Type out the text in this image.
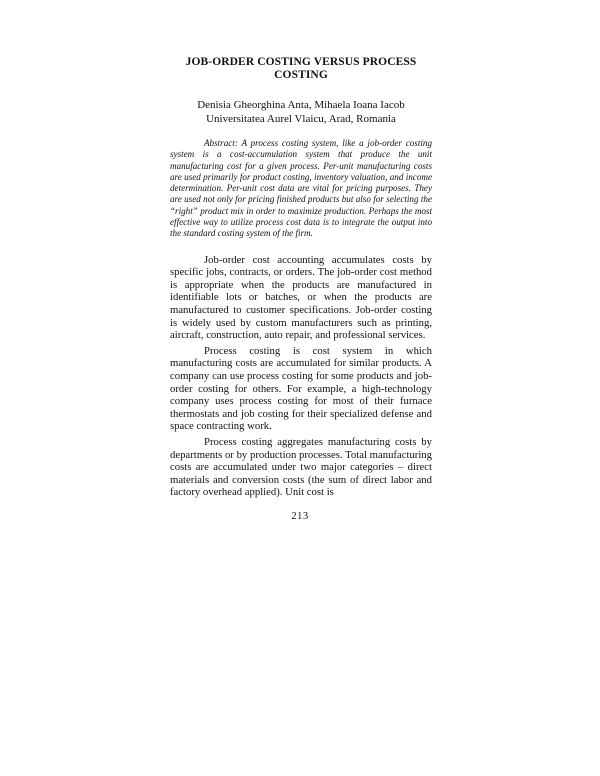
JOB-ORDER COSTING VERSUS PROCESS
COSTING
Denisia Gheorghina Anta, Mihaela Ioana Iacob
Universitatea Aurel Vlaicu, Arad, Romania

Abstract: A process costing system, like a job-order costing system is a cost-accumulation system that produce the unit manufacturing cost for a given process. Per-unit manufacturing costs are used primarily for product costing, inventory valuation, and income determination. Per-unit cost data are vital for pricing purposes. They are used not only for pricing finished products but also for selecting the “right” product mix in order to maximize production. Perhaps the most effective way to utilize process cost data is to integrate the output into the standard costing system of the firm.

Job-order cost accounting accumulates costs by specific jobs, contracts, or orders. The job-order cost method is appropriate when the products are manufactured in identifiable lots or batches, or when the products are manufactured to customer specifications. Job-order costing is widely used by custom manufacturers such as printing, aircraft, construction, auto repair, and professional services.

Process costing is cost system in which manufacturing costs are accumulated for similar products. A company can use process costing for some products and job-order costing for others. For example, a high-technology company uses process costing for most of their furnace thermostats and job costing for their specialized defense and space contracting work.

Process costing aggregates manufacturing costs by departments or by production processes. Total manufacturing costs are accumulated under two major categories – direct materials and conversion costs (the sum of direct labor and factory overhead applied). Unit cost is

213
